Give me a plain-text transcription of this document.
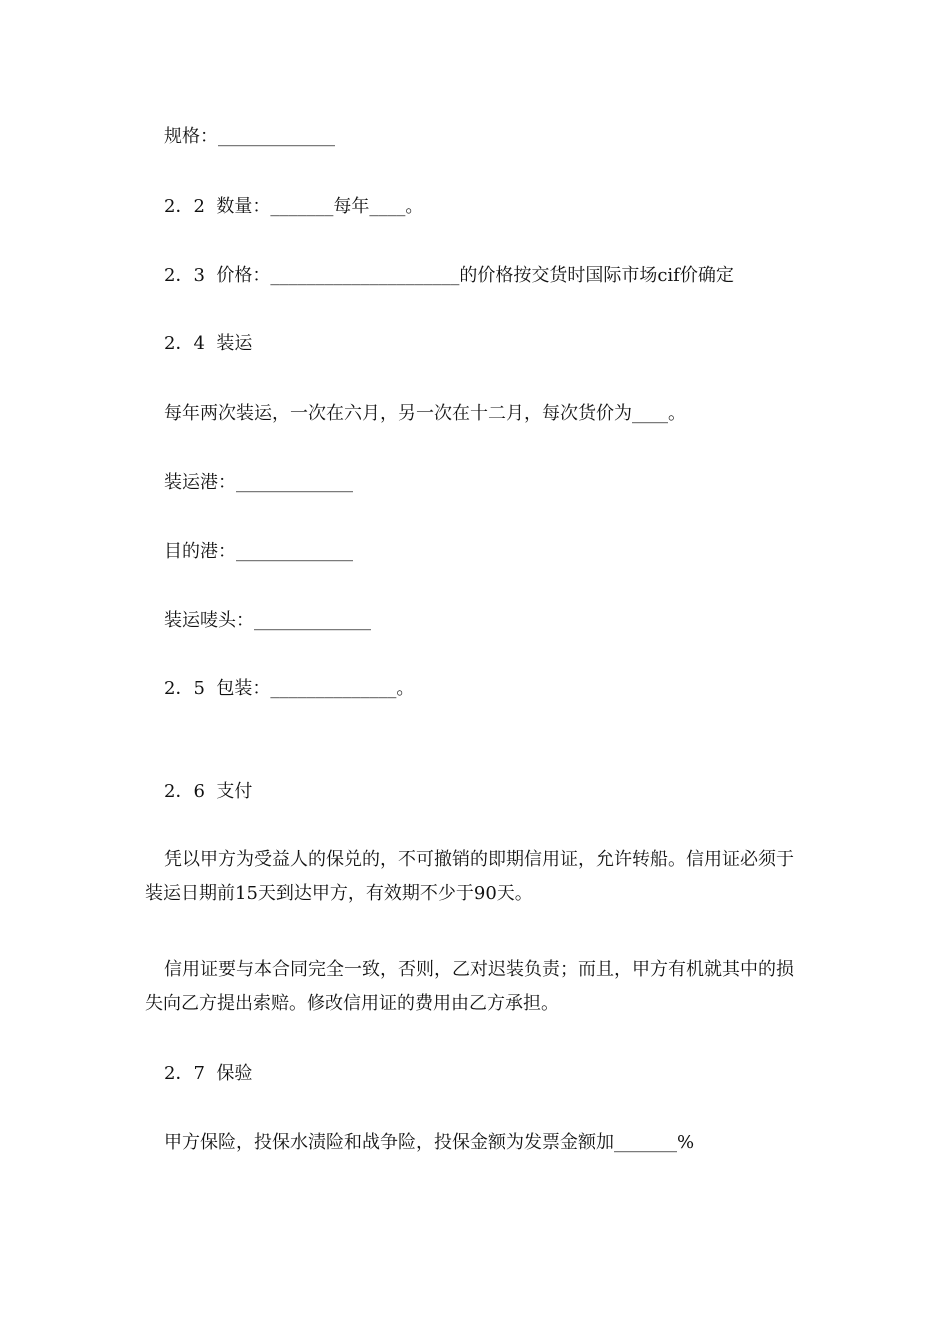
规格：_____________
2．2  数量：_______每年____。
2．3  价格：_____________________的价格按交货时国际市场cif价确定
2．4  装运
每年两次装运，一次在六月，另一次在十二月，每次货价为____。
装运港：_____________
目的港：_____________
装运唛头：_____________
2．5  包装：______________。
2．6  支付
凭以甲方为受益人的保兑的，不可撤销的即期信用证，允许转船。信用证必须于装运日期前15天到达甲方，有效期不少于90天。
信用证要与本合同完全一致，否则，乙对迟装负责；而且，甲方有机就其中的损失向乙方提出索赔。修改信用证的费用由乙方承担。
2．7  保验
甲方保险，投保水渍险和战争险，投保金额为发票金额加_______%
